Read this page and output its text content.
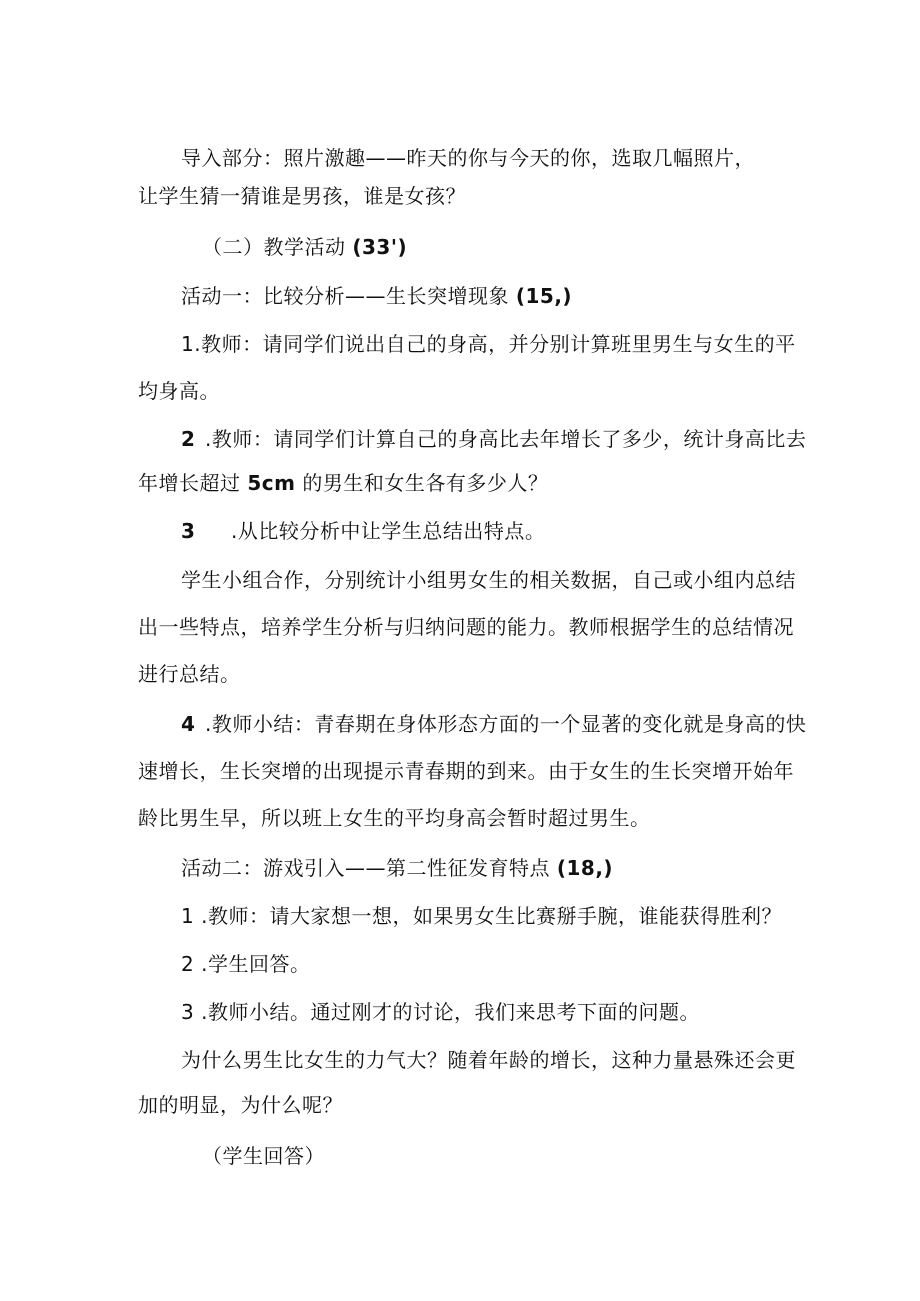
导入部分：照片激趣——昨天的你与今天的你，选取几幅照片，
让学生猜一猜谁是男孩，谁是女孩？
（二）教学活动 (33')
活动一：比较分析——生长突增现象 (15,)
1.教师：请同学们说出自己的身高，并分别计算班里男生与女生的平
均身高。
2 .教师：请同学们计算自己的身高比去年增长了多少，统计身高比去
年增长超过 5cm 的男生和女生各有多少人？
3 .从比较分析中让学生总结出特点。
学生小组合作，分别统计小组男女生的相关数据，自己或小组内总结
出一些特点，培养学生分析与归纳问题的能力。教师根据学生的总结情况
进行总结。
4 .教师小结：青春期在身体形态方面的一个显著的变化就是身高的快
速增长，生长突增的出现提示青春期的到来。由于女生的生长突增开始年
龄比男生早，所以班上女生的平均身高会暂时超过男生。
活动二：游戏引入——第二性征发育特点 (18,)
1 .教师：请大家想一想，如果男女生比赛掰手腕，谁能获得胜利？
2 .学生回答。
3 .教师小结。通过刚才的讨论，我们来思考下面的问题。
为什么男生比女生的力气大？随着年龄的增长，这种力量悬殊还会更
加的明显，为什么呢？
（学生回答）
